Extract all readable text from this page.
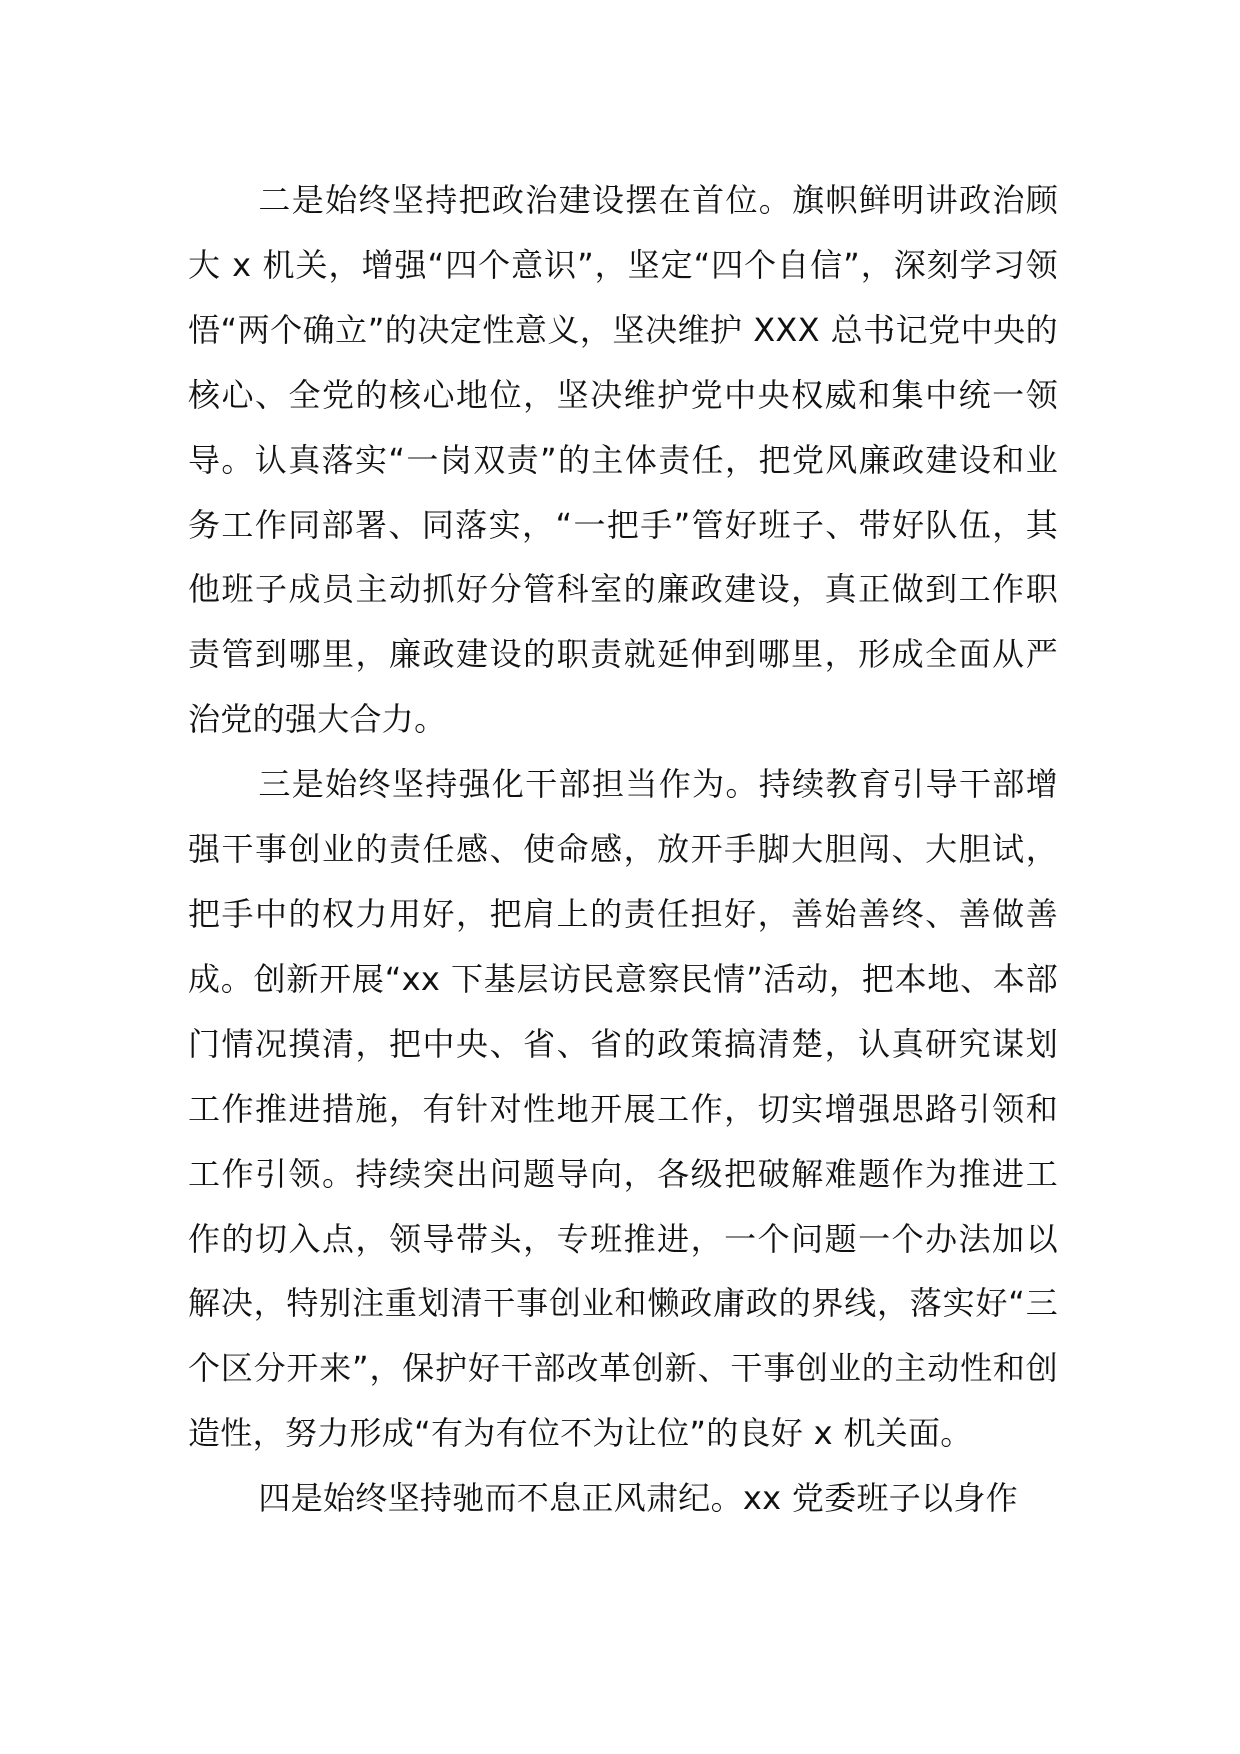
二是始终坚持把政治建设摆在首位。旗帜鲜明讲政治顾大 x 机关，增强“四个意识”，坚定“四个自信”，深刻学习领悟“两个确立”的决定性意义，坚决维护 XXX 总书记党中央的核心、全党的核心地位，坚决维护党中央权威和集中统一领导。认真落实“一岗双责”的主体责任，把党风廉政建设和业务工作同部署、同落实，“一把手”管好班子、带好队伍，其他班子成员主动抓好分管科室的廉政建设，真正做到工作职责管到哪里，廉政建设的职责就延伸到哪里，形成全面从严治党的强大合力。

三是始终坚持强化干部担当作为。持续教育引导干部增强干事创业的责任感、使命感，放开手脚大胆闯、大胆试，把手中的权力用好，把肩上的责任担好，善始善终、善做善成。创新开展“xx 下基层访民意察民情”活动，把本地、本部门情况摸清，把中央、省、省的政策搞清楚，认真研究谋划工作推进措施，有针对性地开展工作，切实增强思路引领和工作引领。持续突出问题导向，各级把破解难题作为推进工作的切入点，领导带头，专班推进，一个问题一个办法加以解决，特别注重划清干事创业和懒政庸政的界线，落实好“三个区分开来”，保护好干部改革创新、干事创业的主动性和创造性，努力形成“有为有位不为让位”的良好 x 机关面。

四是始终坚持驰而不息正风肃纪。xx 党委班子以身作
